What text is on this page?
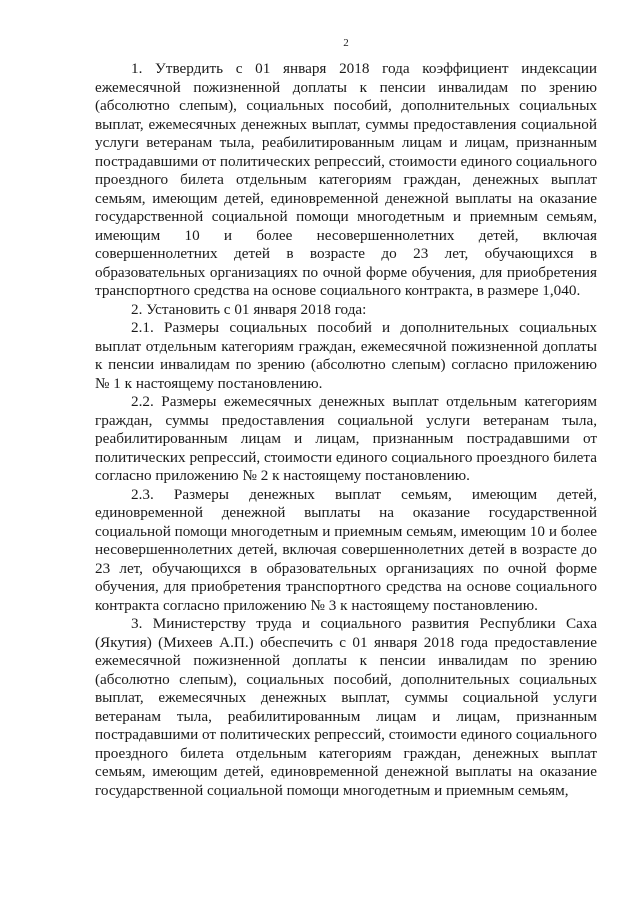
2

1. Утвердить с 01 января 2018 года коэффициент индексации ежемесячной пожизненной доплаты к пенсии инвалидам по зрению (абсолютно слепым), социальных пособий, дополнительных социальных выплат, ежемесячных денежных выплат, суммы предоставления социальной услуги ветеранам тыла, реабилитированным лицам и лицам, признанным пострадавшими от политических репрессий, стоимости единого социального проездного билета отдельным категориям граждан, денежных выплат семьям, имеющим детей, единовременной денежной выплаты на оказание государственной социальной помощи многодетным и приемным семьям, имеющим 10 и более несовершеннолетних детей, включая совершеннолетних детей в возрасте до 23 лет, обучающихся в образовательных организациях по очной форме обучения, для приобретения транспортного средства на основе социального контракта, в размере 1,040.

2. Установить с 01 января 2018 года:

2.1. Размеры социальных пособий и дополнительных социальных выплат отдельным категориям граждан, ежемесячной пожизненной доплаты к пенсии инвалидам по зрению (абсолютно слепым) согласно приложению № 1 к настоящему постановлению.

2.2. Размеры ежемесячных денежных выплат отдельным категориям граждан, суммы предоставления социальной услуги ветеранам тыла, реабилитированным лицам и лицам, признанным пострадавшими от политических репрессий, стоимости единого социального проездного билета согласно приложению № 2 к настоящему постановлению.

2.3. Размеры денежных выплат семьям, имеющим детей, единовременной денежной выплаты на оказание государственной социальной помощи многодетным и приемным семьям, имеющим 10 и более несовершеннолетних детей, включая совершеннолетних детей в возрасте до 23 лет, обучающихся в образовательных организациях по очной форме обучения, для приобретения транспортного средства на основе социального контракта согласно приложению № 3 к настоящему постановлению.

3. Министерству труда и социального развития Республики Саха (Якутия) (Михеев А.П.) обеспечить с 01 января 2018 года предоставление ежемесячной пожизненной доплаты к пенсии инвалидам по зрению (абсолютно слепым), социальных пособий, дополнительных социальных выплат, ежемесячных денежных выплат, суммы социальной услуги ветеранам тыла, реабилитированным лицам и лицам, признанным пострадавшими от политических репрессий, стоимости единого социального проездного билета отдельным категориям граждан, денежных выплат семьям, имеющим детей, единовременной денежной выплаты на оказание государственной социальной помощи многодетным и приемным семьям,
